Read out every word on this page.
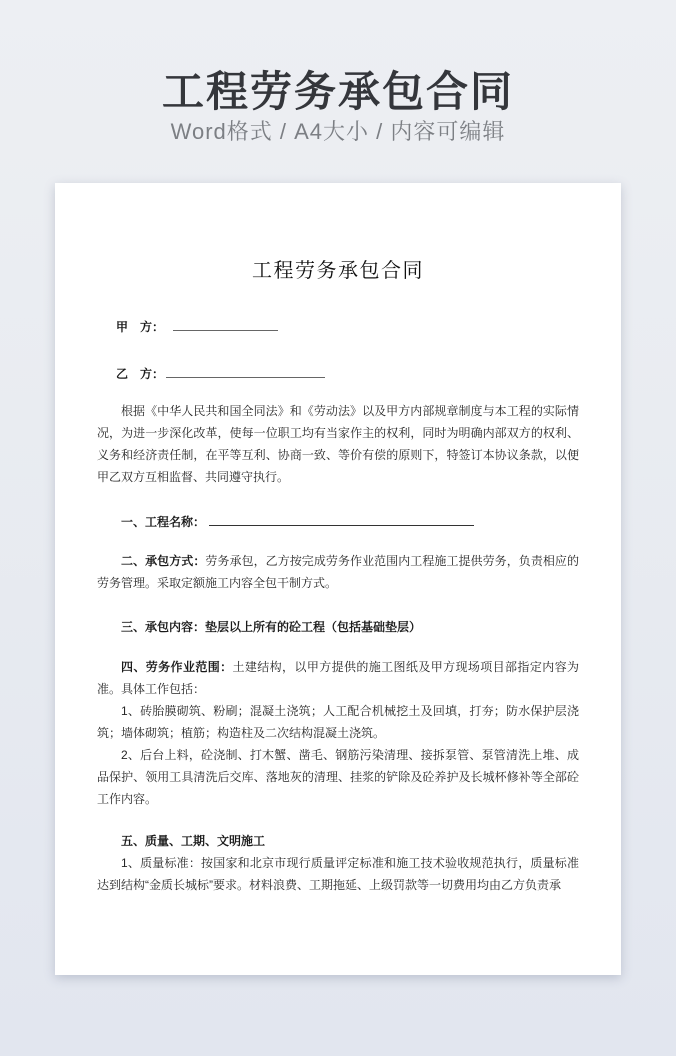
工程劳务承包合同
Word格式 / A4大小 / 内容可编辑

工程劳务承包合同

甲　方：

乙　方：

根据《中华人民共和国全同法》和《劳动法》以及甲方内部规章制度与本工程的实际情况，为进一步深化改革，使每一位职工均有当家作主的权利，同时为明确内部双方的权利、义务和经济责任制，在平等互利、协商一致、等价有偿的原则下，特签订本协议条款，以便甲乙双方互相监督、共同遵守执行。

一、工程名称：

二、承包方式：劳务承包，乙方按完成劳务作业范围内工程施工提供劳务，负责相应的劳务管理。采取定额施工内容全包干制方式。

三、承包内容：垫层以上所有的砼工程（包括基础垫层）

四、劳务作业范围：土建结构，以甲方提供的施工图纸及甲方现场项目部指定内容为准。具体工作包括：

1、砖胎膜砌筑、粉刷；混凝土浇筑；人工配合机械挖土及回填，打夯；防水保护层浇筑；墙体砌筑；植筋；构造柱及二次结构混凝土浇筑。

2、后台上料，砼浇制、打木蟹、凿毛、钢筋污染清理、接拆泵管、泵管清洗上堆、成品保护、领用工具清洗后交库、落地灰的清理、挂浆的铲除及砼养护及长城杯修补等全部砼工作内容。

五、质量、工期、文明施工

1、质量标准：按国家和北京市现行质量评定标准和施工技术验收规范执行，质量标准达到结构“金质长城标”要求。材料浪费、工期拖延、上级罚款等一切费用均由乙方负责承
